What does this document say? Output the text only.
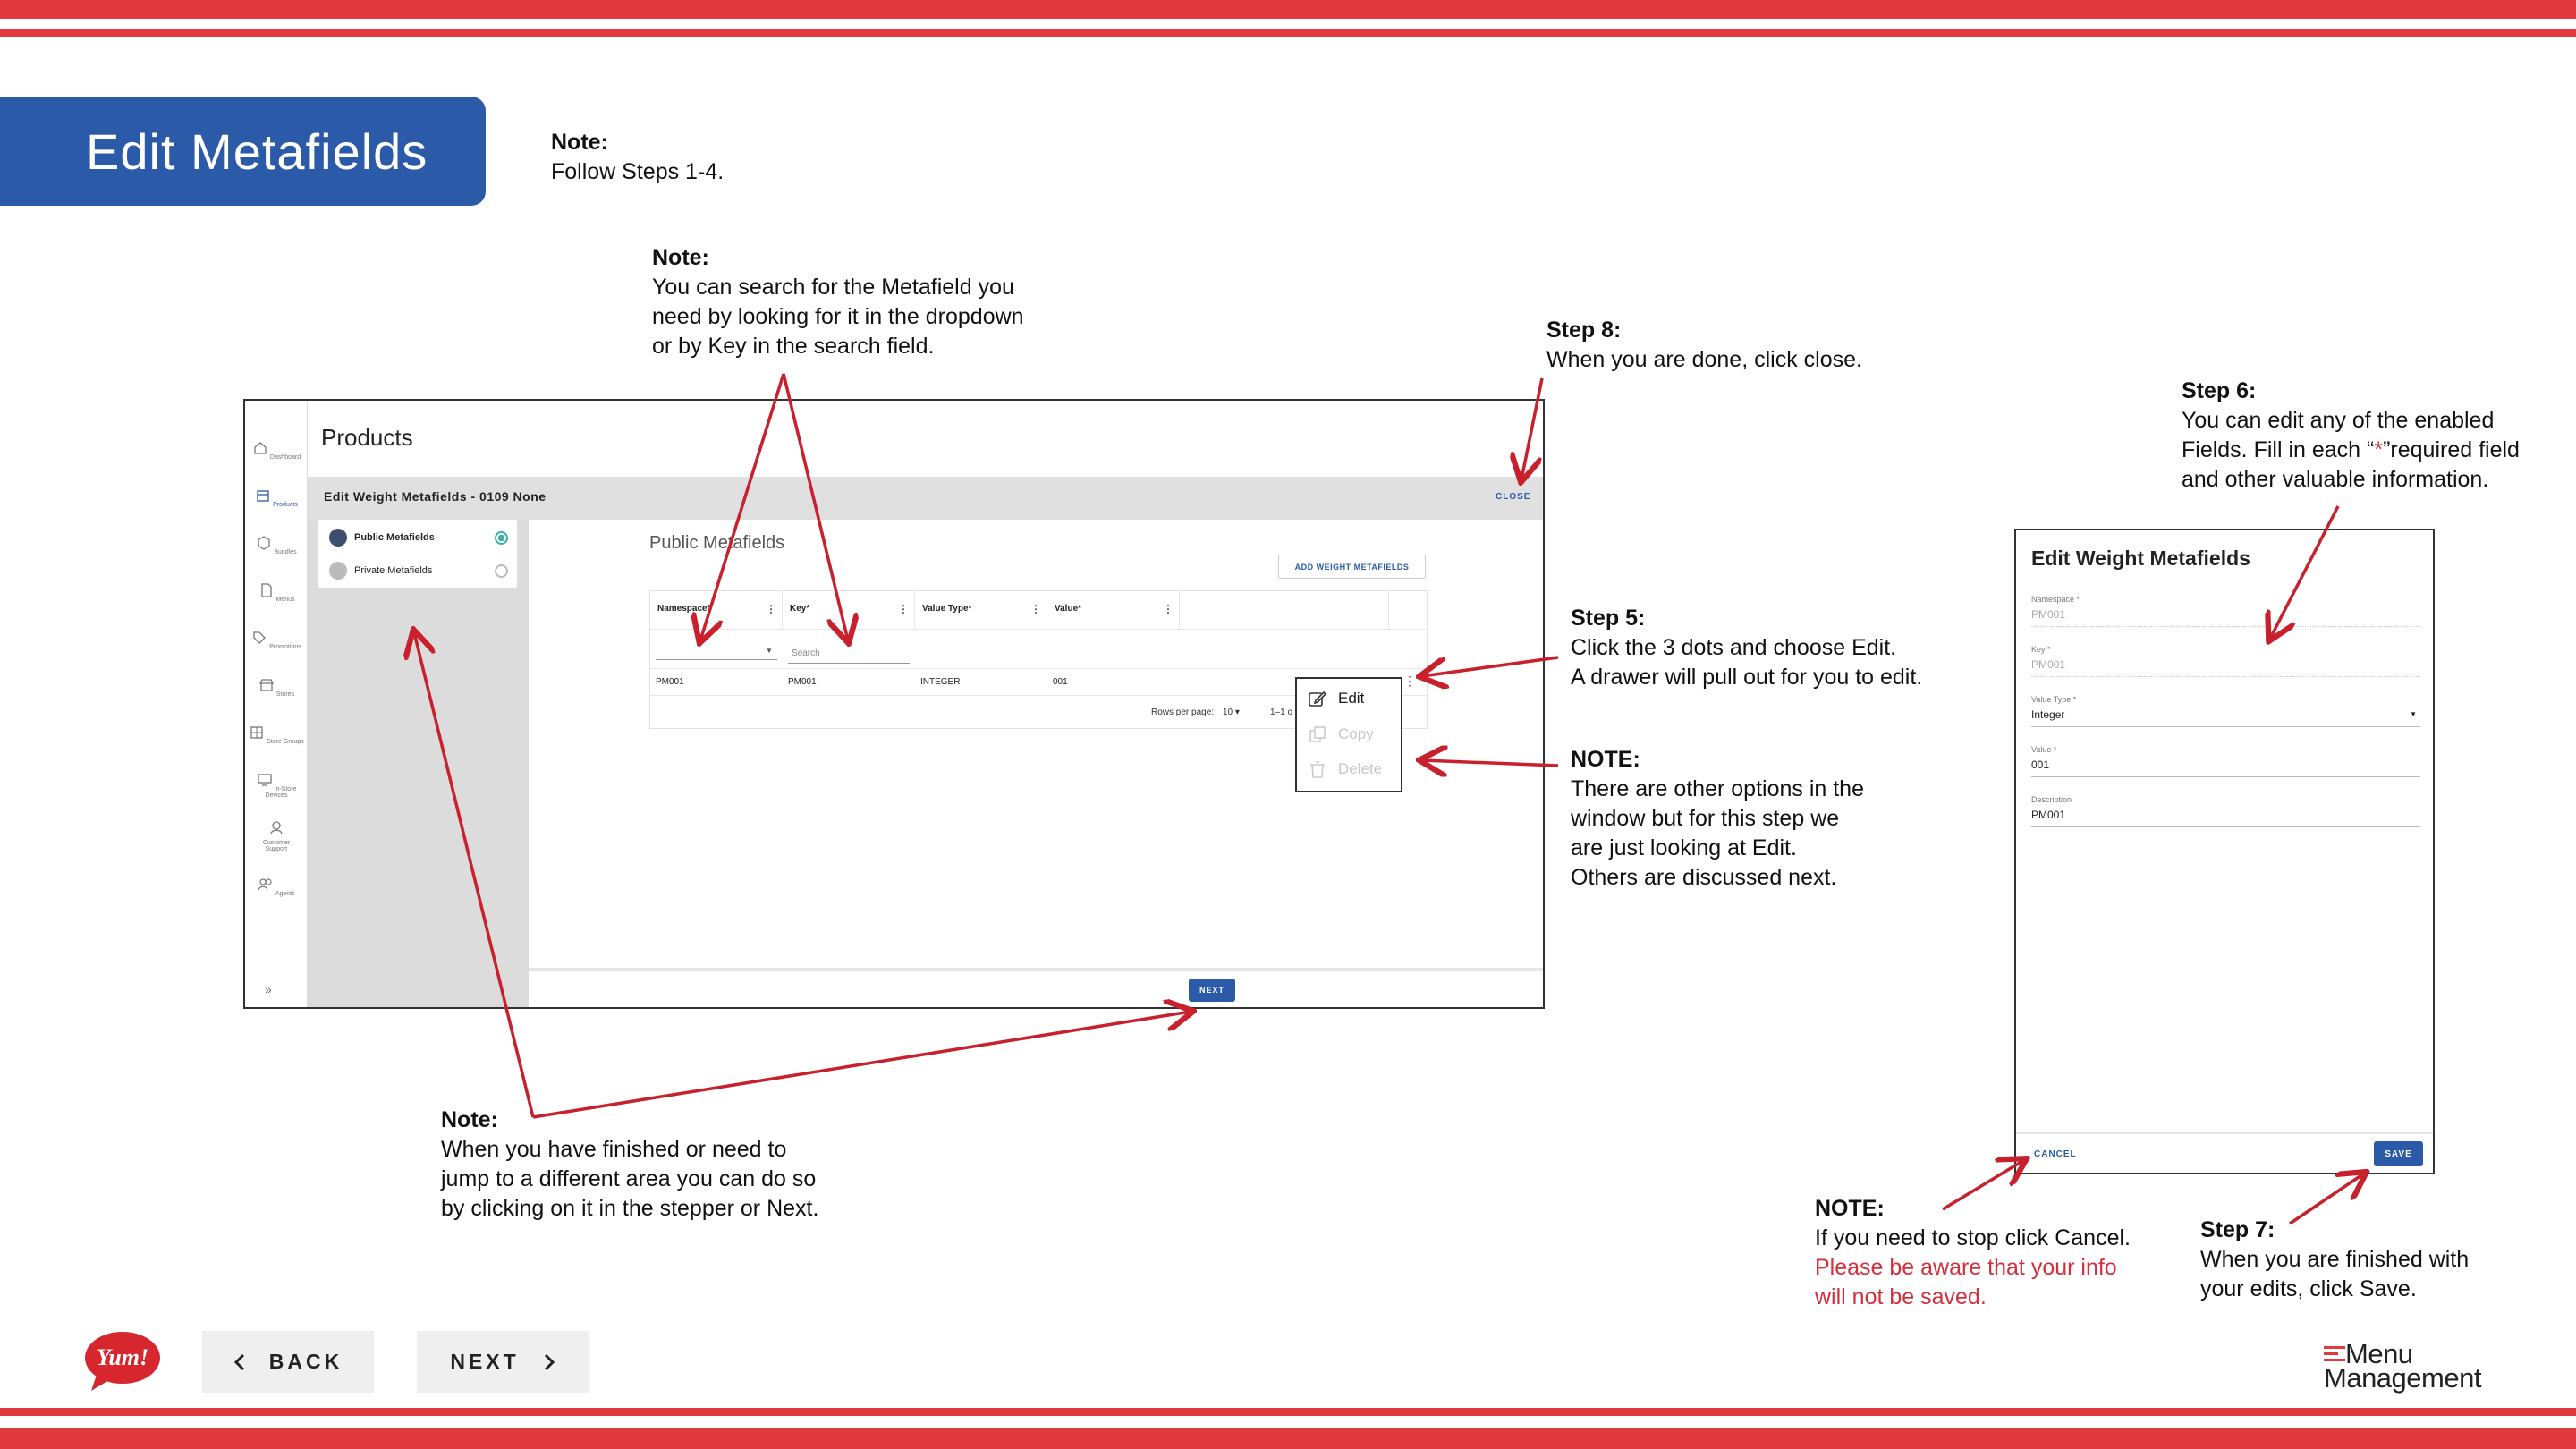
Edit Metafields	Note:
Follow Steps 1-4.
Note:
You can search for the Metafield you
need by looking for it in the dropdown
or by Key in the search field.
Step 8:
When you are done, click close.
Step 6:
You can edit any of the enabled
Fields. Fill in each “*”required field
and other valuable information.
Step 5:
Click the 3 dots and choose Edit.
A drawer will pull out for you to edit.
NOTE:
There are other options in the
window but for this step we
are just looking at Edit.
Others are discussed next.
Note:
When you have finished or need to
jump to a different area you can do so
by clicking on it in the stepper or Next.	NOTE:
If you need to stop click Cancel.
Please be aware that your info
will not be saved.
Step 7:
When you are finished with
your edits, click Save.
Dashboard
Products
Bundles
Menus
Promotions
Stores
Store Groups
In-Store Devices
Customer Support
Agents
»
Products
Edit Weight Metafields - 0109 None	CLOSE
Public Metafields
Private Metafields
Public Metafields
ADD WEIGHT METAFIELDS
Namespace*	⋮	Key*	⋮	Value Type*	⋮	Value*	⋮
▼ Search
PM001	PM001	INTEGER	001	⋮
Rows per page: 10 ▾	1–1 o
NEXT
Edit
Copy
Delete
Edit Weight Metafields
Namespace *
PM001
Key *
PM001
Value Type *
Integer	▼
Value *
001
Description
PM001
CANCEL	SAVE
Yum!	BACK	NEXT	Menu
Management
